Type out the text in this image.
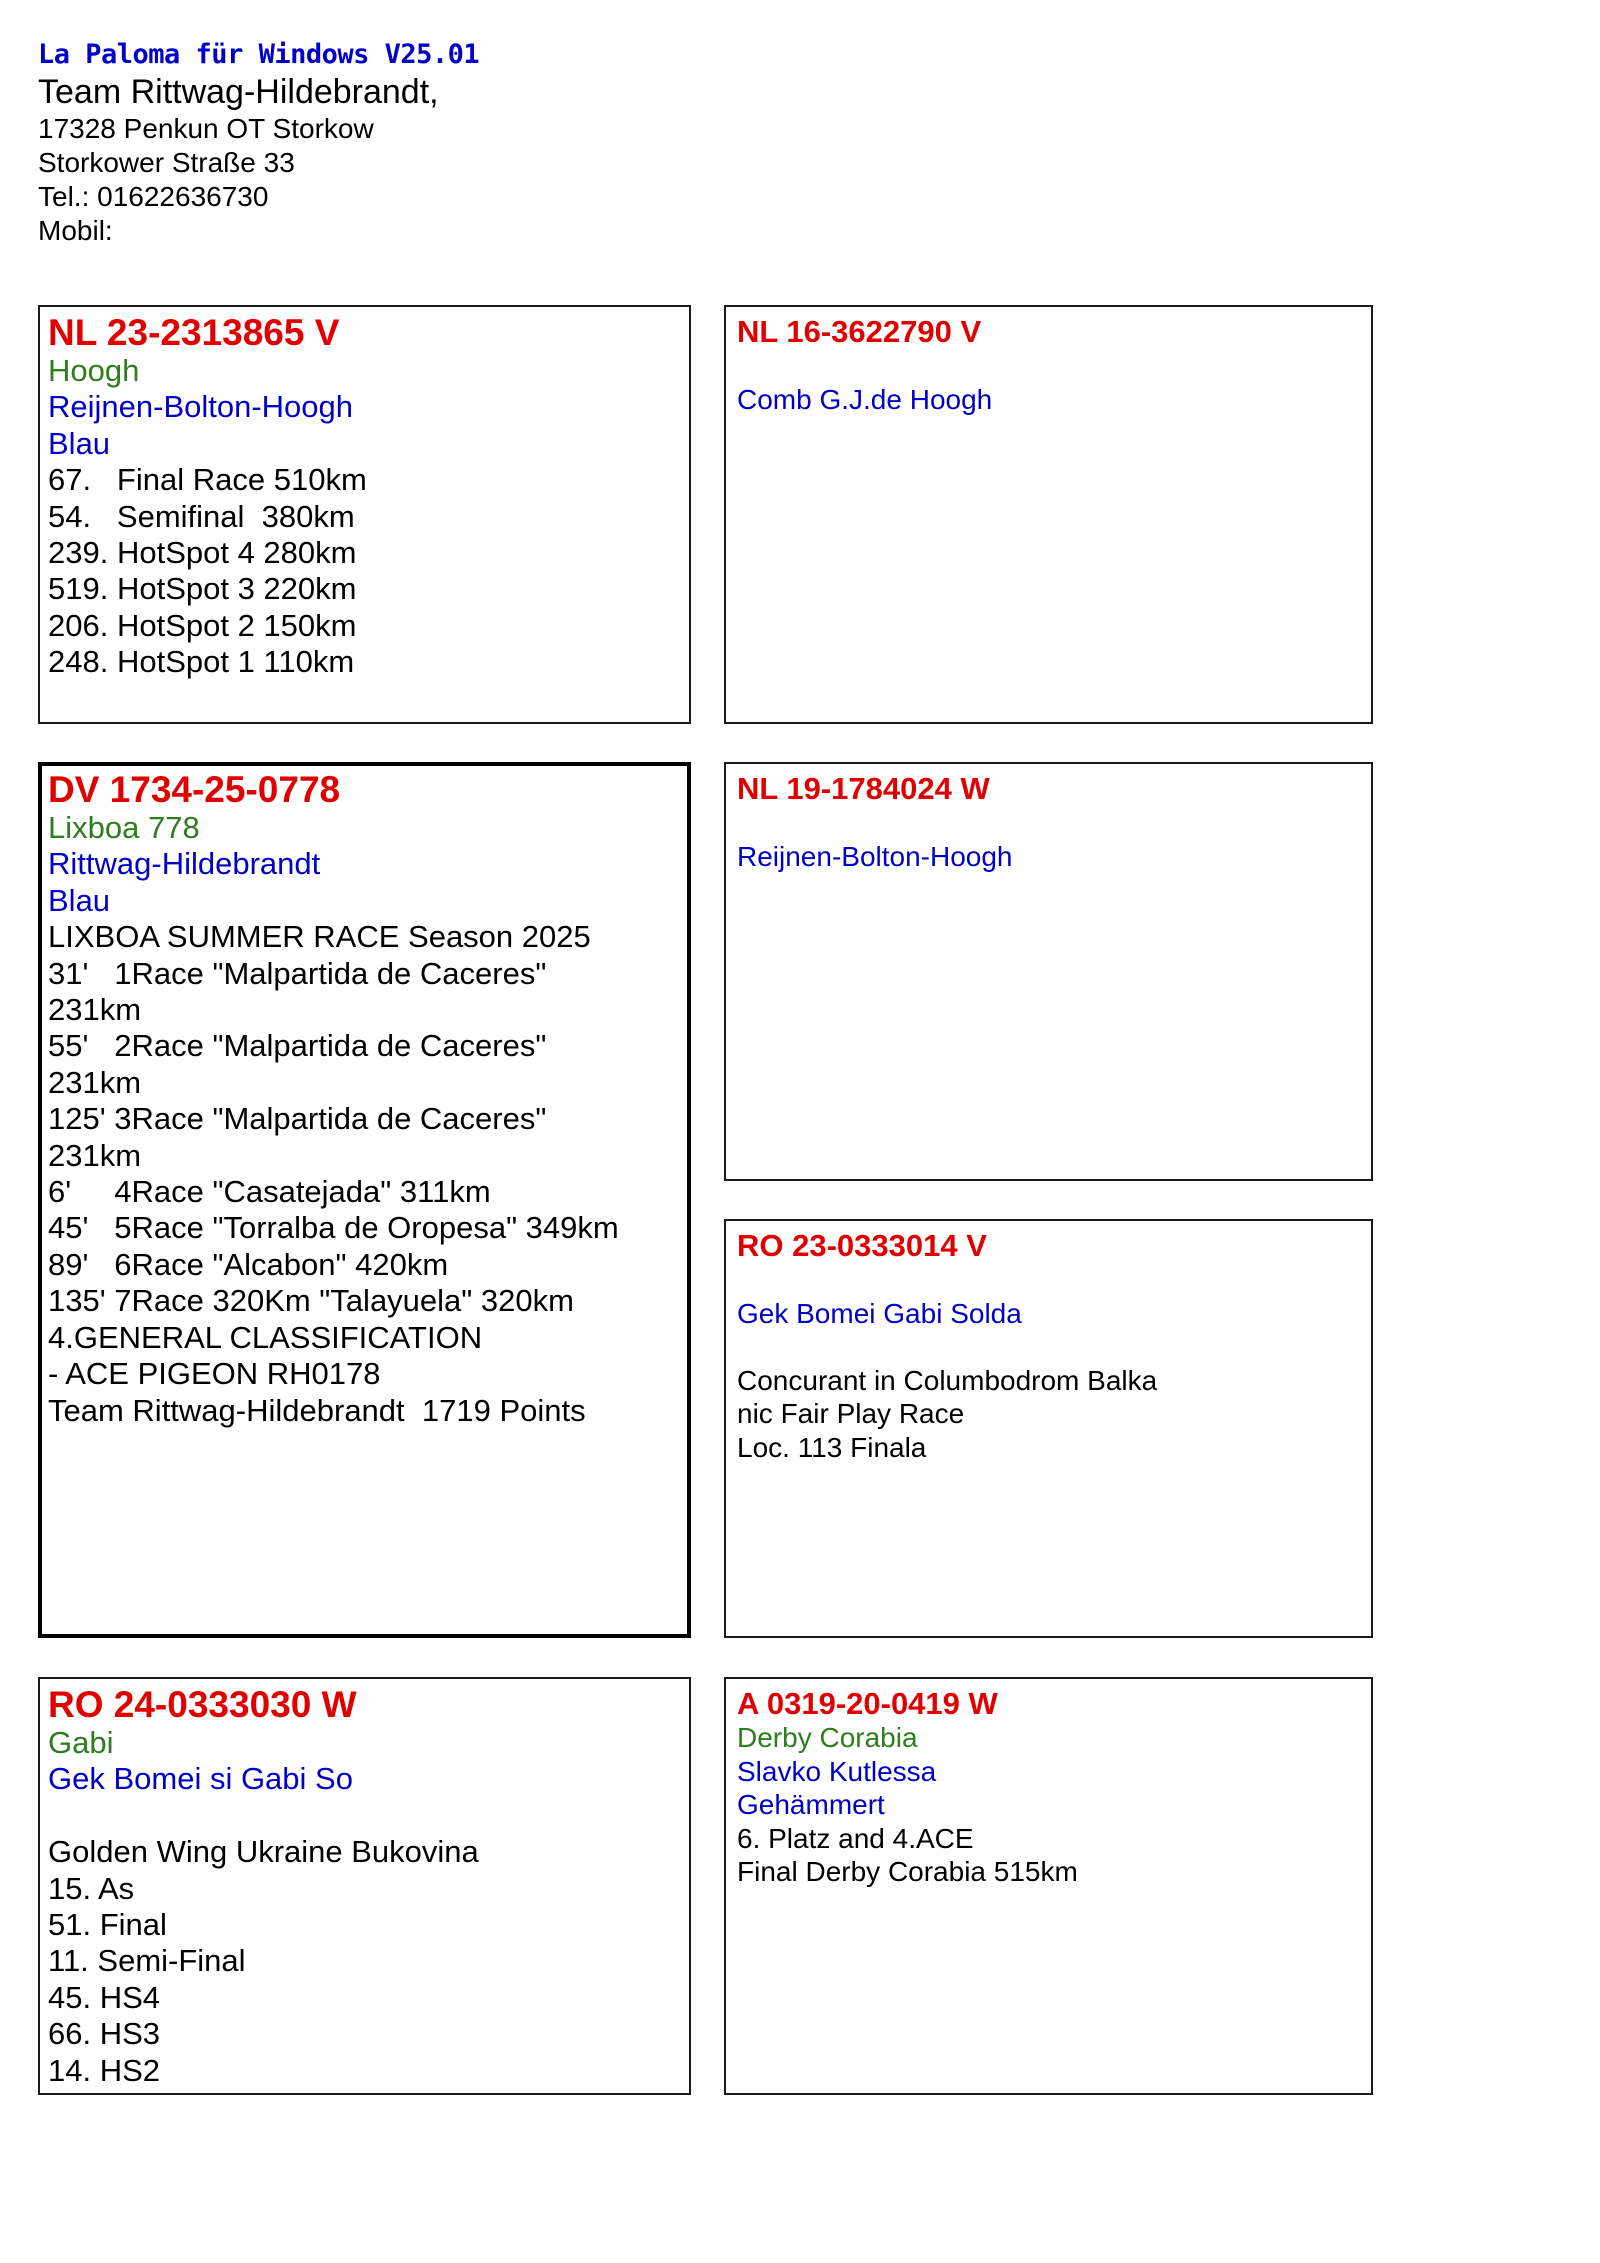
La Paloma für Windows V25.01
Team Rittwag-Hildebrandt,
17328 Penkun OT Storkow
Storkower Straße 33
Tel.: 01622636730
Mobil:
NL 23-2313865 V
Hoogh
Reijnen-Bolton-Hoogh
Blau
67.   Final Race 510km
54.   Semifinal  380km
239. HotSpot 4 280km
519. HotSpot 3 220km
206. HotSpot 2 150km
248. HotSpot 1 110km
NL 16-3622790 V
Comb G.J.de Hoogh
DV 1734-25-0778
Lixboa 778
Rittwag-Hildebrandt
Blau
LIXBOA SUMMER RACE Season 2025
31'   1Race "Malpartida de Caceres"
231km
55'   2Race "Malpartida de Caceres"
231km
125' 3Race "Malpartida de Caceres"
231km
6'     4Race "Casatejada" 311km
45'   5Race "Torralba de Oropesa" 349km
89'   6Race "Alcabon" 420km
135' 7Race 320Km "Talayuela" 320km
4.GENERAL CLASSIFICATION
- ACE PIGEON RH0178
Team Rittwag-Hildebrandt  1719 Points
NL 19-1784024 W
Reijnen-Bolton-Hoogh
RO 23-0333014 V
Gek Bomei Gabi Solda
Concurant in Columbodrom Balka
nic Fair Play Race
Loc. 113 Finala
RO 24-0333030 W
Gabi
Gek Bomei si Gabi So
Golden Wing Ukraine Bukovina
15. As
51. Final
11. Semi-Final
45. HS4
66. HS3
14. HS2
A 0319-20-0419 W
Derby Corabia
Slavko Kutlessa
Gehämmert
6. Platz and 4.ACE
Final Derby Corabia 515km
